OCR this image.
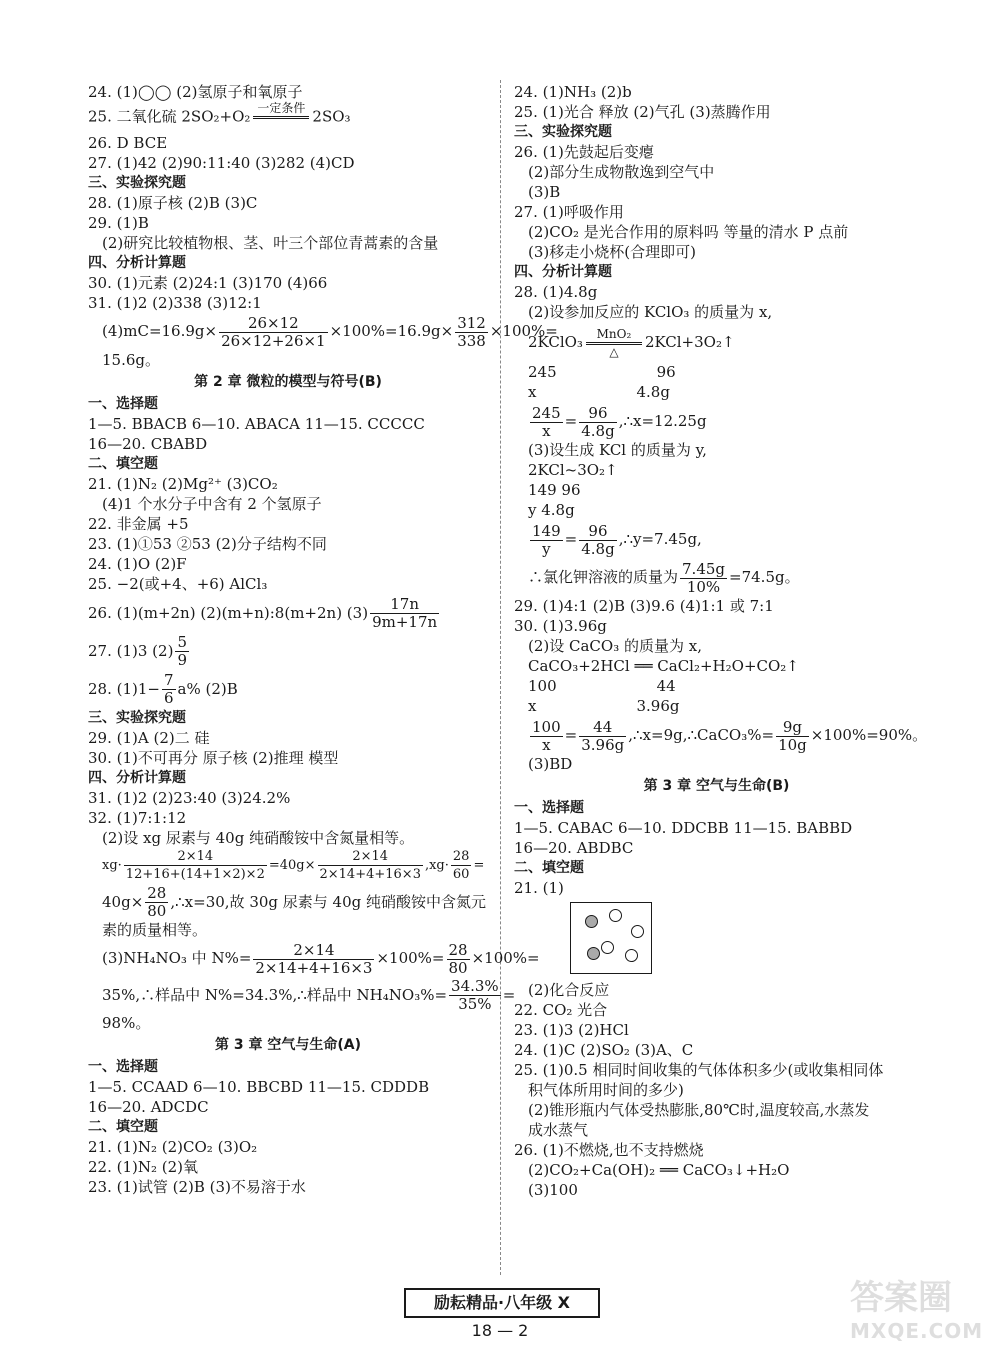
24. (1)◯◯ (2)氢原子和氧原子
25. 二氧化硫 2SO₂+O₂ 一定条件
2SO₃
26. D BCE
27. (1)42 (2)90:11:40 (3)282 (4)CD
三、实验探究题
28. (1)原子核 (2)B (3)C
29. (1)B
(2)研究比较植物根、茎、叶三个部位青蒿素的含量
四、分析计算题
30. (1)元素 (2)24:1 (3)170 (4)66
31. (1)2 (2)338 (3)12:1
$(4)mC=16.9g\times \frac{26\times 12}{26\times 12+26\times 1} \times 100\%=16.9g\times \frac{312}{338} \times 100\%=$
15.6g。
第 2 章 微粒的模型与符号(B)
一、选择题
1—5. BBACB 6—10. ABACA 11—15. CCCCC
16—20. CBABD
二、填空题
21. (1)N₂ (2)Mg²⁺ (3)CO₂
(4)1 个水分子中含有 2 个氢原子
22. 非金属 +5
23. (1)①53 ②53 (2)分子结构不同
24. (1)O (2)F
25. −2(或+4、+6) AlCl₃
26. (1)(m+2n) (2)(m+n):8(m+2n) $(3) \frac{17n}{9m+17n}$
27. (1)3 $(2) \frac{5}{9}$
28. $(1)1- \frac{7}{6} a\%$ (2)B
三、实验探究题
29. (1)A (2)二 硅
30. (1)不可再分 原子核 (2)推理 模型
四、分析计算题
31. (1)2 (2)23:40 (3)24.2%
32. (1)7:1:12
(2)设 xg 尿素与 40g 纯硝酸铵中含氮量相等。
$xg\cdot \frac{2\times 14}{12+16+(14+1\times 2)\times 2} =40g\times \frac{2\times 14}{2\times 14+4+16\times 3} ,xg\cdot \frac{28}{60}$ =
$40g\times \frac{28}{80}$ ,∴x=30,故 30g 尿素与 40g 纯硝酸铵中含氮元
素的质量相等。
(3)NH₄NO₃ 中 $N\%= \frac{2\times 14}{2\times 14+4+16\times 3} \times 100\%= \frac{28}{80} \times 100\%=$
35%,∴样品中 N%=34.3%,∴样品中 $NH_4NO_3\%= \frac{34.3\%}{35\%}$ =
98%。
第 3 章 空气与生命(A)
一、选择题
1—5. CCAAD 6—10. BBCBD 11—15. CDDDB
16—20. ADCDC
二、填空题
21. (1)N₂ (2)CO₂ (3)O₂
22. (1)N₂ (2)氧
23. (1)试管 (2)B (3)不易溶于水
24. (1)NH₃ (2)b
25. (1)光合 释放 (2)气孔 (3)蒸腾作用
三、实验探究题
26. (1)先鼓起后变瘪
(2)部分生成物散逸到空气中
(3)B
27. (1)呼吸作用
(2)CO₂ 是光合作用的原料吗 等量的清水 P 点前
(3)移走小烧杯(合理即可)
四、分析计算题
28. (1)4.8g
(2)设参加反应的 KClO₃ 的质量为 x,
2KClO₃	MnO₂
△
2KCl+3O₂↑
245	96
x	4.8g
$\frac{245}{x} = \frac{96}{4.8g}$ ,∴x=12.25g
(3)设生成 KCl 的质量为 y,
2KCl~3O₂↑
149 96
y 4.8g
$\frac{149}{y} = \frac{96}{4.8g}$ ,∴y=7.45g,
∴氯化钾溶液的质量为 $\frac{7.45g}{10\%} =74.5g$。
29. (1)4:1 (2)B (3)9.6 (4)1:1 或 7:1
30. (1)3.96g
(2)设 CaCO₃ 的质量为 x,
CaCO₃+2HCl ══ CaCl₂+H₂O+CO₂↑
100	44
x	3.96g
$\frac{100}{x} = \frac{44}{3.96g}$ ,∴x=9g,∴CaCO₃%= $\frac{9g}{10g} \times 100\%=90\%$。
(3)BD
第 3 章 空气与生命(B)
一、选择题
1—5. CABAC 6—10. DDCBB 11—15. BABBD
16—20. ABDBC
二、填空题
21. (1)
(2)化合反应
22. CO₂ 光合
23. (1)3 (2)HCl
24. (1)C (2)SO₂ (3)A、C
25. (1)0.5 相同时间收集的气体体积多少(或收集相同体
积气体所用时间的多少)
(2)锥形瓶内气体受热膨胀,80℃时,温度较高,水蒸发
成水蒸气
26. (1)不燃烧,也不支持燃烧
(2)CO₂+Ca(OH)₂ ══ CaCO₃↓+H₂O
(3)100
励耘精品·八年级 X
18 — 2
答案圈
MXQE.COM
